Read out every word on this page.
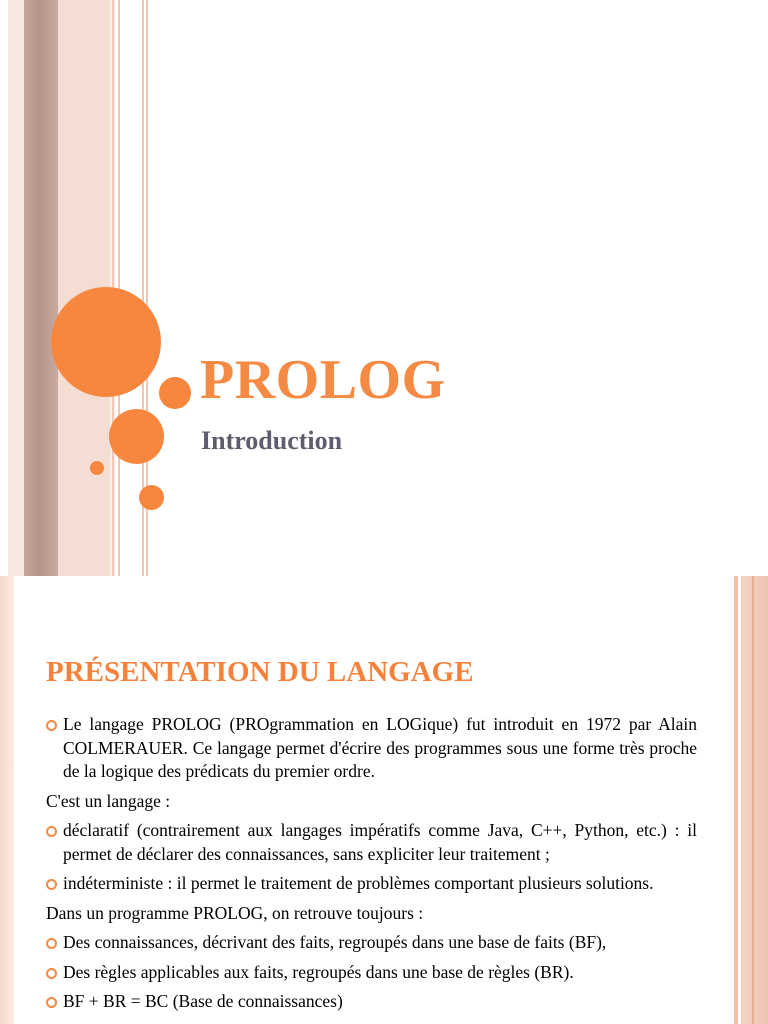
PROLOG
Introduction
PRÉSENTATION DU LANGAGE
Le langage PROLOG (PROgrammation en LOGique) fut introduit en 1972 par Alain COLMERAUER. Ce langage permet d'écrire des programmes sous une forme très proche de la logique des prédicats du premier ordre.
C'est un langage :
déclaratif (contrairement aux langages impératifs comme Java, C++, Python, etc.) : il permet de déclarer des connaissances, sans expliciter leur traitement ;
indéterministe : il permet le traitement de problèmes comportant plusieurs solutions.
Dans un programme PROLOG, on retrouve toujours :
Des connaissances, décrivant des faits, regroupés dans une base de faits (BF),
Des règles applicables aux faits, regroupés dans une base de règles (BR).
BF + BR = BC (Base de connaissances)
